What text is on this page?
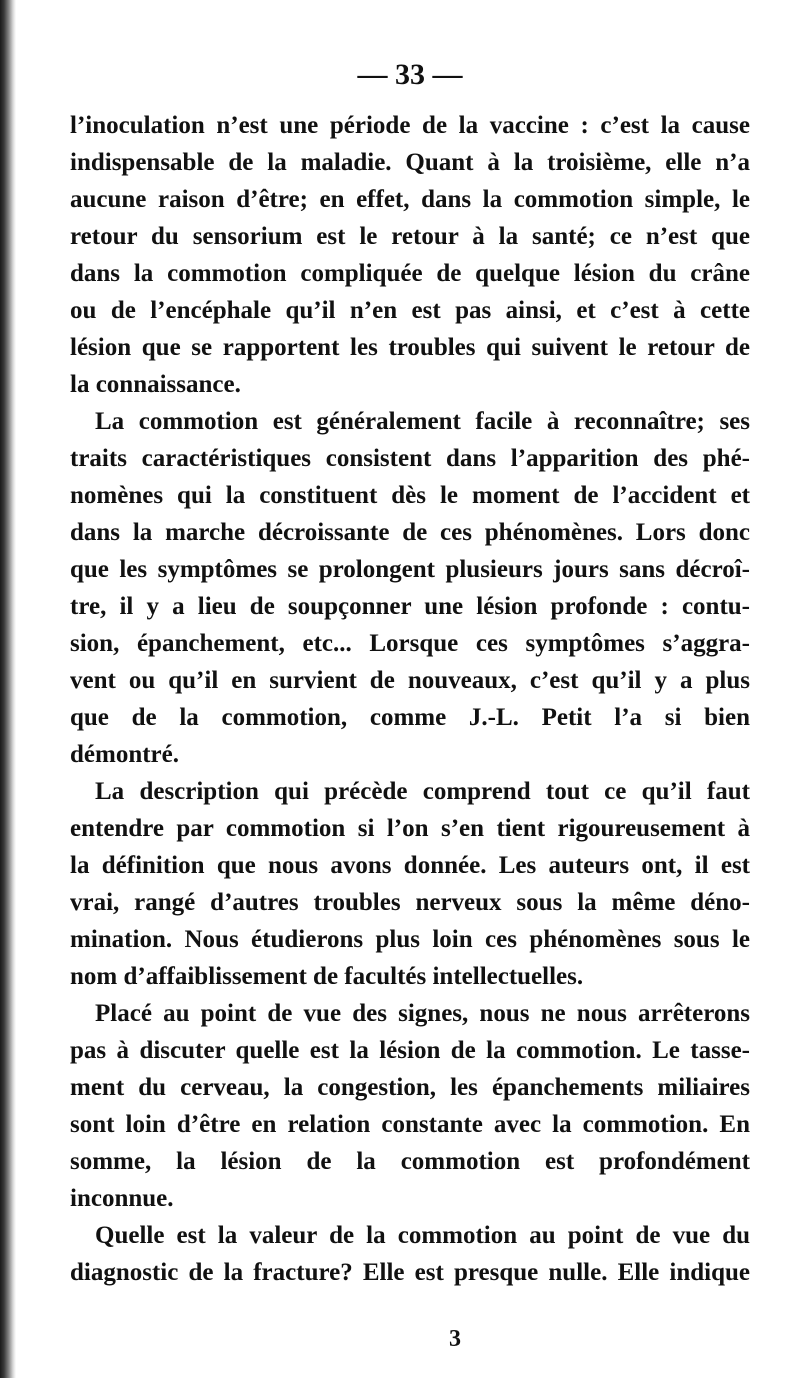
— 33 —
l’inoculation n’est une période de la vaccine : c’est la cause
indispensable de la maladie. Quant à la troisième, elle n’a
aucune raison d’être; en effet, dans la commotion simple, le
retour du sensorium est le retour à la santé; ce n’est que
dans la commotion compliquée de quelque lésion du crâne
ou de l’encéphale qu’il n’en est pas ainsi, et c’est à cette
lésion que se rapportent les troubles qui suivent le retour de
la connaissance.
La commotion est généralement facile à reconnaître; ses
traits caractéristiques consistent dans l’apparition des phé-
nomènes qui la constituent dès le moment de l’accident et
dans la marche décroissante de ces phénomènes. Lors donc
que les symptômes se prolongent plusieurs jours sans décroî-
tre, il y a lieu de soupçonner une lésion profonde : contu-
sion, épanchement, etc... Lorsque ces symptômes s’aggra-
vent ou qu’il en survient de nouveaux, c’est qu’il y a plus
que de la commotion, comme J.-L. Petit l’a si bien
démontré.
La description qui précède comprend tout ce qu’il faut
entendre par commotion si l’on s’en tient rigoureusement à
la définition que nous avons donnée. Les auteurs ont, il est
vrai, rangé d’autres troubles nerveux sous la même déno-
mination. Nous étudierons plus loin ces phénomènes sous le
nom d’affaiblissement de facultés intellectuelles.
Placé au point de vue des signes, nous ne nous arrêterons
pas à discuter quelle est la lésion de la commotion. Le tasse-
ment du cerveau, la congestion, les épanchements miliaires
sont loin d’être en relation constante avec la commotion. En
somme, la lésion de la commotion est profondément
inconnue.
Quelle est la valeur de la commotion au point de vue du
diagnostic de la fracture? Elle est presque nulle. Elle indique
3
